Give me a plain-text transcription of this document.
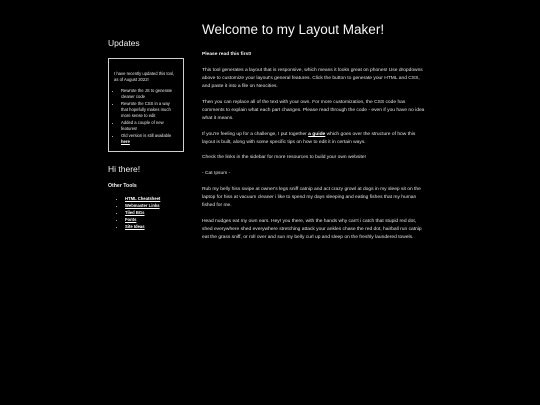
Updates

I have recently updated this tool, as of August 2022!

• Rewrote the JS to generate cleaner code
• Rewrote the CSS in a way that hopefully makes much more sense to edit
• Added a couple of new features!
• Old version is still available here
Hi there!
Other Tools
• HTML Cheatsheet
• Webmaster Links
• Tiled BGs
• Fonts
• Site Ideas
Welcome to my Layout Maker!

Please read this first!

This tool generates a layout that is responsive, which means it looks great on phones! Use dropdowns above to customize your layout's general features. Click the button to generate your HTML and CSS, and paste it into a file on Neocities.

Then you can replace all of the text with your own. For more customization, the CSS code has comments to explain what each part changes. Please read through the code - even if you have no idea what it means.

If you're feeling up for a challenge, I put together a guide which goes over the structure of how this layout is built, along with some specific tips on how to edit it in certain ways.

Check the links in the sidebar for more resources to build your own website!

- Cat Ipsum -

Rub my belly hiss swipe at owner's legs sniff catnip and act crazy growl at dogs in my sleep sit on the laptop for hiss at vacuum cleaner i like to spend my days sleeping and eating fishes that my human fished for me.

Head nudges eat my own ears. Hey! you there, with the hands why can't i catch that stupid red dot, shed everywhere shed everywhere stretching attack your ankles chase the red dot, hairball run catnip eat the grass sniff, or roll over and sun my belly curl up and sleep on the freshly laundered towels.
